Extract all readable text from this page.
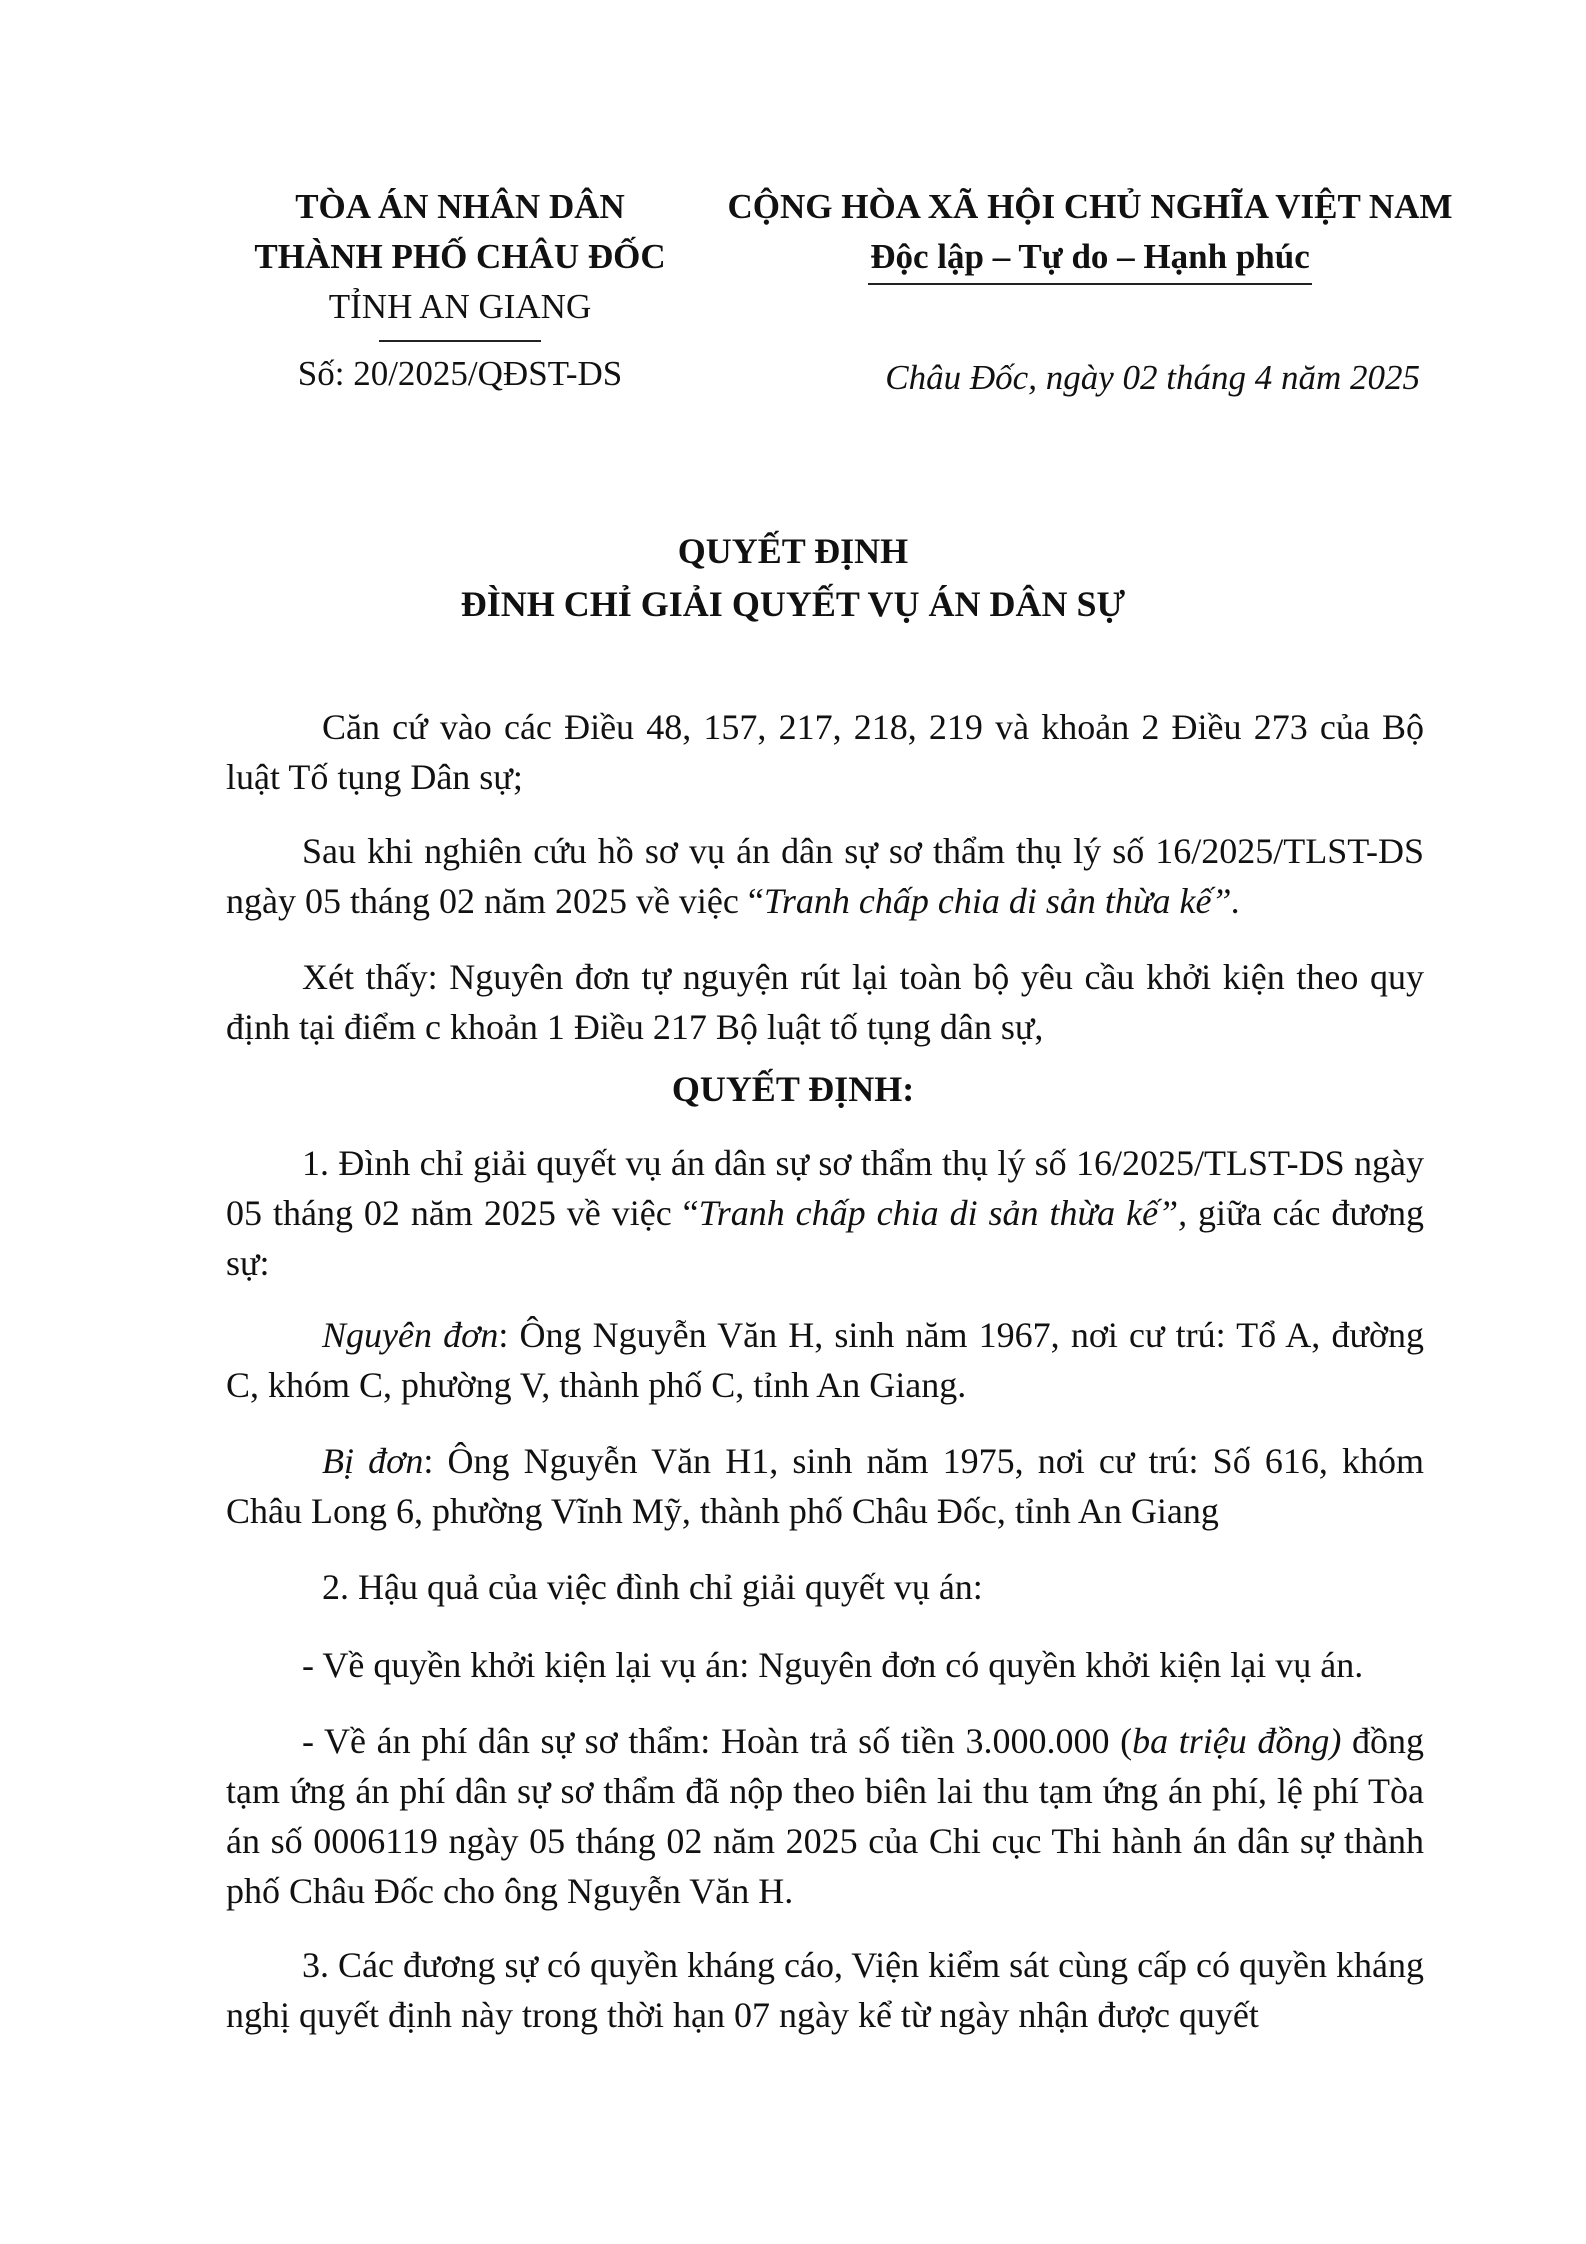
TÒA ÁN NHÂN DÂN
THÀNH PHỐ CHÂU ĐỐC
TỈNH AN GIANG
CỘNG HÒA XÃ HỘI CHỦ NGHĨA VIỆT NAM
Độc lập – Tự do – Hạnh phúc
Số: 20/2025/QĐST-DS	Châu Đốc, ngày 02 tháng 4 năm 2025
QUYẾT ĐỊNH
ĐÌNH CHỈ GIẢI QUYẾT VỤ ÁN DÂN SỰ
Căn cứ vào các Điều 48, 157, 217, 218, 219 và khoản 2 Điều 273 của Bộ luật Tố tụng Dân sự;
Sau khi nghiên cứu hồ sơ vụ án dân sự sơ thẩm thụ lý số 16/2025/TLST-DS ngày 05 tháng 02 năm 2025 về việc “Tranh chấp chia di sản thừa kế”.
Xét thấy: Nguyên đơn tự nguyện rút lại toàn bộ yêu cầu khởi kiện theo quy định tại điểm c khoản 1 Điều 217 Bộ luật tố tụng dân sự,
QUYẾT ĐỊNH:
1. Đình chỉ giải quyết vụ án dân sự sơ thẩm thụ lý số 16/2025/TLST-DS ngày 05 tháng 02 năm 2025 về việc “Tranh chấp chia di sản thừa kế”, giữa các đương sự:
Nguyên đơn: Ông Nguyễn Văn H, sinh năm 1967, nơi cư trú: Tổ A, đường C, khóm C, phường V, thành phố C, tỉnh An Giang.
Bị đơn: Ông Nguyễn Văn H1, sinh năm 1975, nơi cư trú: Số 616, khóm Châu Long 6, phường Vĩnh Mỹ, thành phố Châu Đốc, tỉnh An Giang
2. Hậu quả của việc đình chỉ giải quyết vụ án:
- Về quyền khởi kiện lại vụ án: Nguyên đơn có quyền khởi kiện lại vụ án.
- Về án phí dân sự sơ thẩm: Hoàn trả số tiền 3.000.000 (ba triệu đồng) đồng tạm ứng án phí dân sự sơ thẩm đã nộp theo biên lai thu tạm ứng án phí, lệ phí Tòa án số 0006119 ngày 05 tháng 02 năm 2025 của Chi cục Thi hành án dân sự thành phố Châu Đốc cho ông Nguyễn Văn H.
3. Các đương sự có quyền kháng cáo, Viện kiểm sát cùng cấp có quyền kháng nghị quyết định này trong thời hạn 07 ngày kể từ ngày nhận được quyết
